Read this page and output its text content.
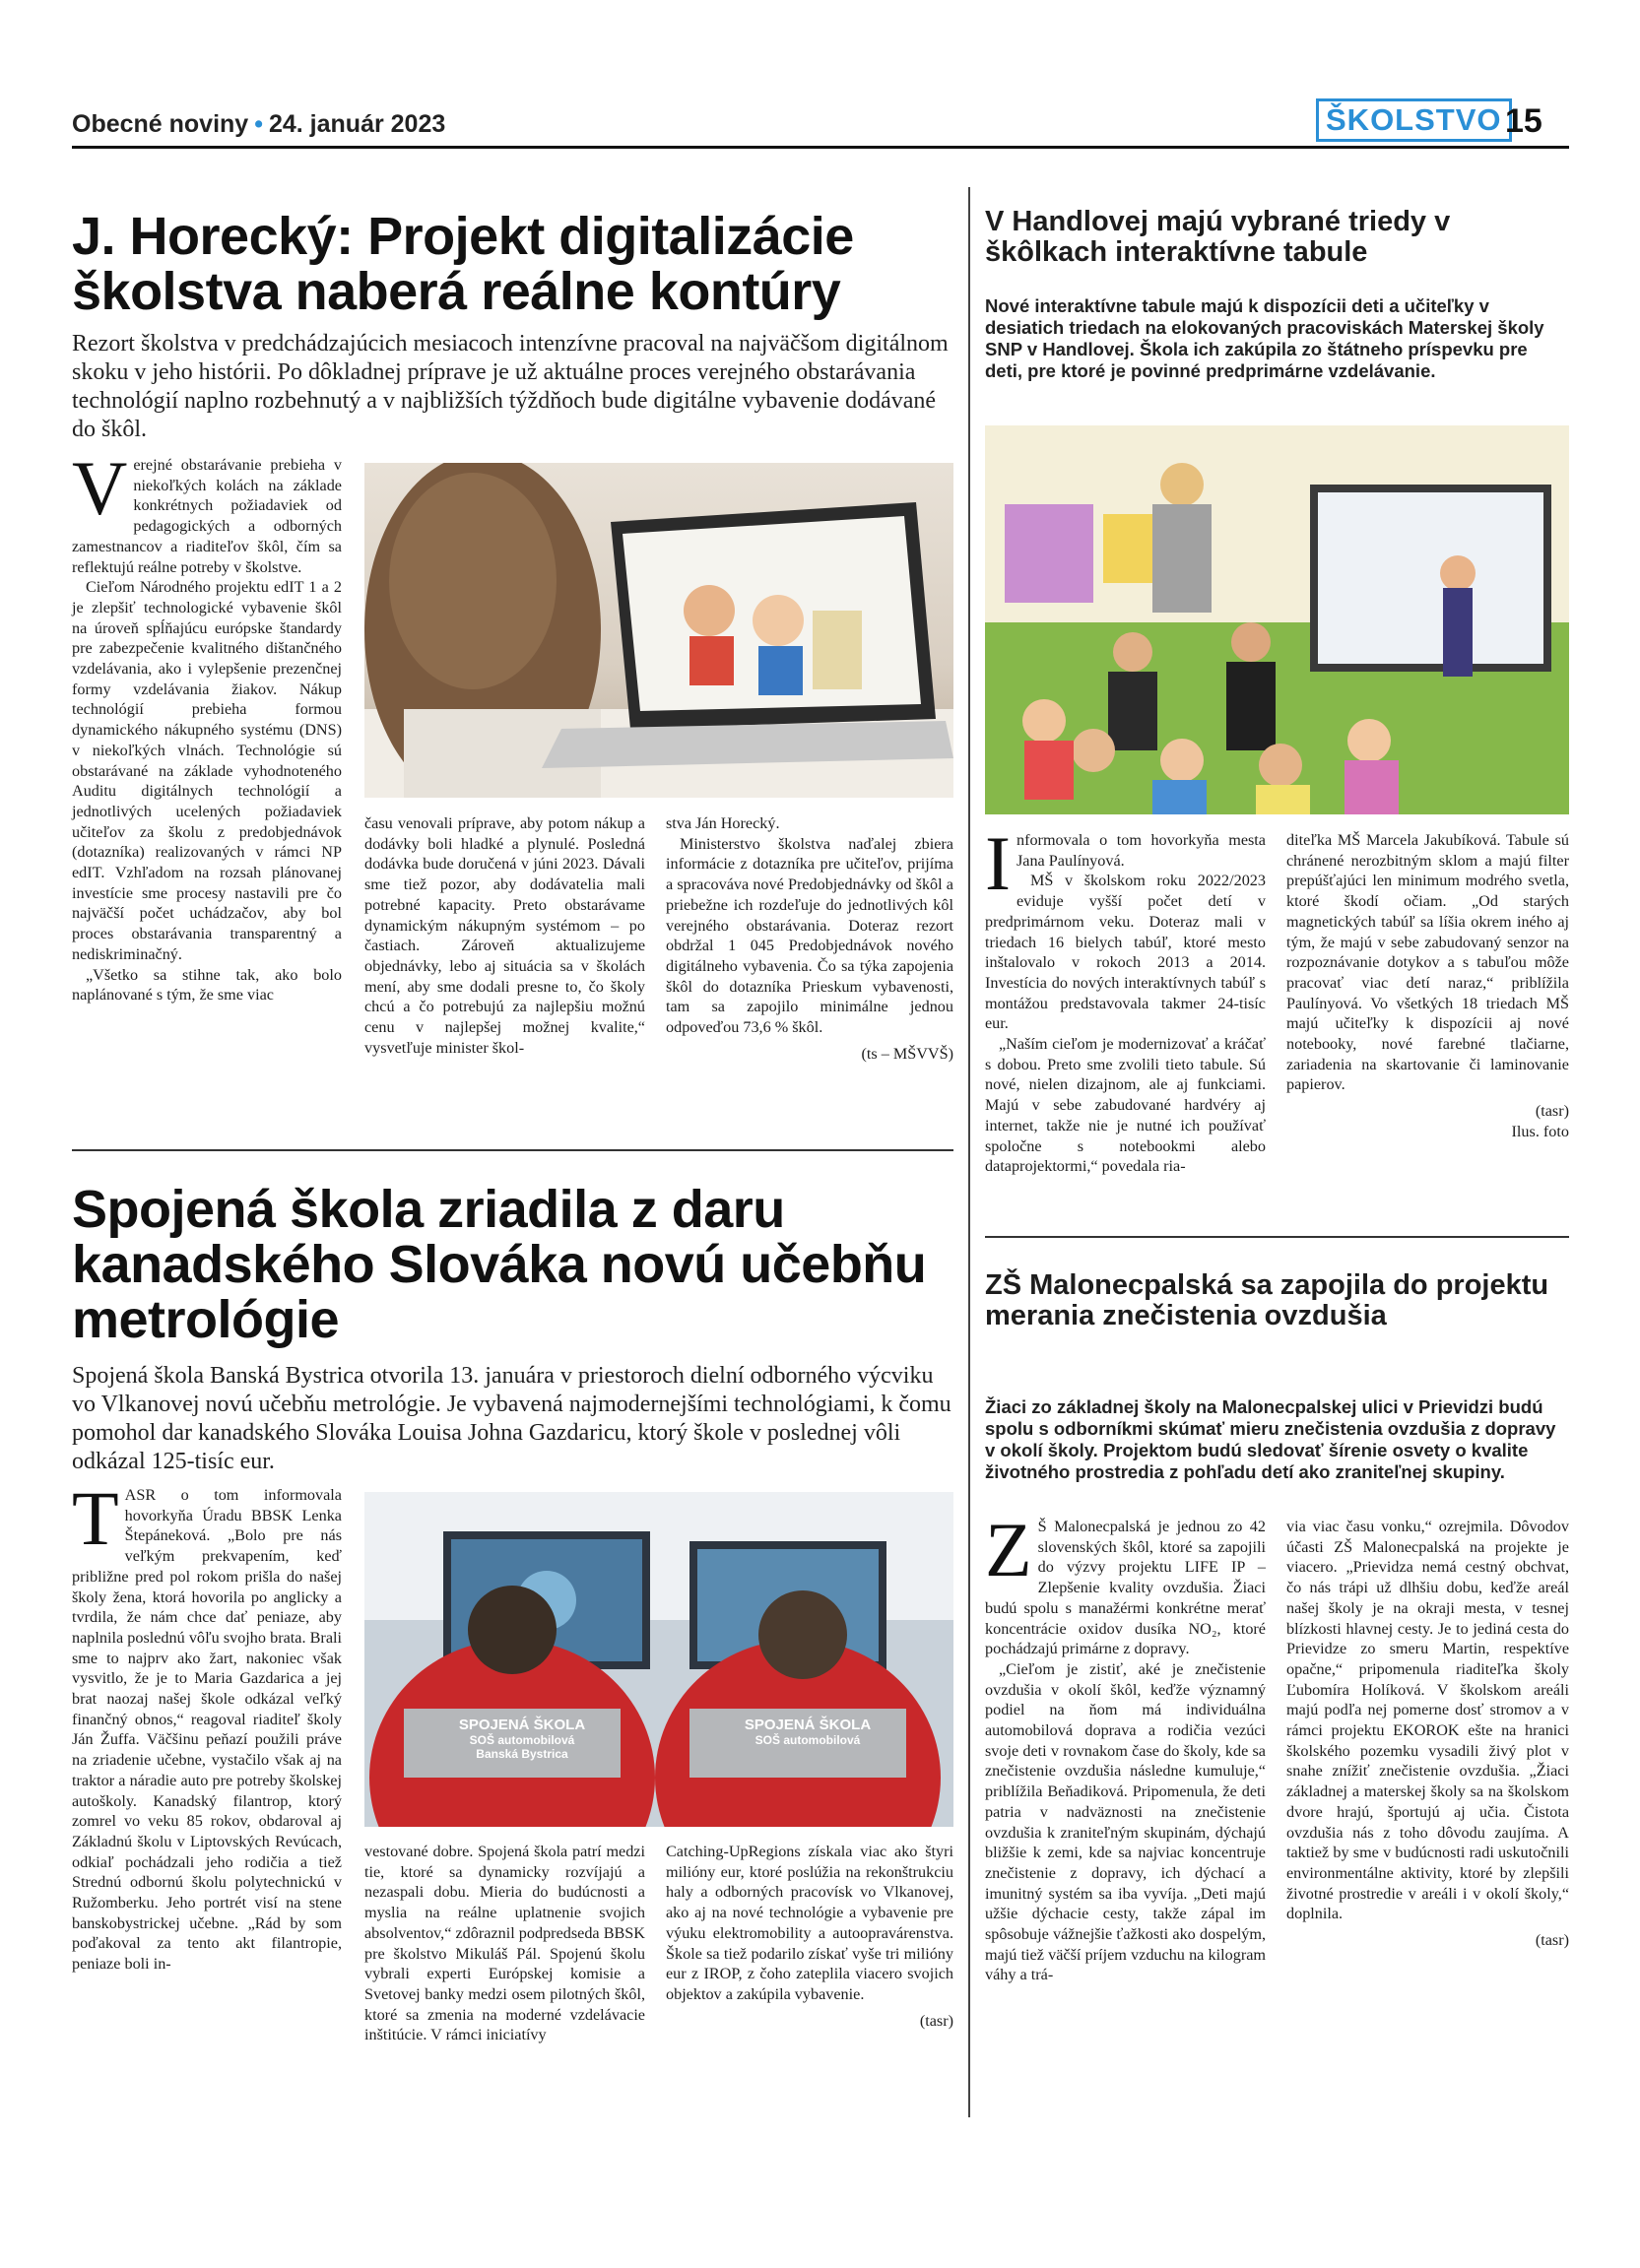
Obecné noviny • 24. január 2023	ŠKOLSTVO 15
J. Horecký: Projekt digitalizácie školstva naberá reálne kontúry
Rezort školstva v predchádzajúcich mesiacoch intenzívne pracoval na najväčšom digitálnom skoku v jeho histórii. Po dôkladnej príprave je už aktuálne proces verejného obstarávania technológií naplno rozbehnutý a v najbližších týždňoch bude digitálne vybavenie dodávané do škôl.

Verejné obstarávanie prebieha v niekoľkých kolách na základe konkrétnych požiadaviek od pedagogických a odborných zamestnancov a riaditeľov škôl, čím sa reflektujú reálne potreby v školstve.

Cieľom Národného projektu edIT 1 a 2 je zlepšiť technologické vybavenie škôl na úroveň spĺňajúcu európske štandardy pre zabezpečenie kvalitného dištančného vzdelávania, ako i vylepšenie prezenčnej formy vzdelávania žiakov. Nákup technológií prebieha formou dynamického nákupného systému (DNS) v niekoľkých vlnách. Technológie sú obstarávané na základe vyhodnoteného Auditu digitálnych technológií a jednotlivých ucelených požiadaviek učiteľov za školu z predobjednávok (dotazníka) realizovaných v rámci NP edIT. Vzhľadom na rozsah plánovanej investície sme procesy nastavili pre čo najväčší počet uchádzačov, aby bol proces obstarávania transparentný a nediskriminačný.

„Všetko sa stihne tak, ako bolo naplánované s tým, že sme viac

času venovali príprave, aby potom nákup a dodávky boli hladké a plynulé. Posledná dodávka bude doručená v júni 2023. Dávali sme tiež pozor, aby dodávatelia mali potrebné kapacity. Preto obstarávame dynamickým nákupným systémom – po častiach. Zároveň aktualizujeme objednávky, lebo aj situácia sa v školách mení, aby sme dodali presne to, čo školy chcú a čo potrebujú za najlepšiu možnú cenu v najlepšej možnej kvalite,“ vysvetľuje minister škol-

stva Ján Horecký.

Ministerstvo školstva naďalej zbiera informácie z dotazníka pre učiteľov, prijíma a spracováva nové Predobjednávky od škôl a priebežne ich rozdeľuje do jednotlivých kôl verejného obstarávania. Doteraz rezort obdržal 1 045 Predobjednávok nového digitálneho vybavenia. Čo sa týka zapojenia škôl do dotazníka Prieskum vybavenosti, tam sa zapojilo minimálne jednou odpoveďou 73,6 % škôl.

(ts – MŠVVŠ)
V Handlovej majú vybrané triedy v škôlkach interaktívne tabule
Nové interaktívne tabule majú k dispozícii deti a učiteľky v desiatich triedach na elokovaných pracoviskách Materskej školy SNP v Handlovej. Škola ich zakúpila zo štátneho príspevku pre deti, pre ktoré je povinné predprimárne vzdelávanie.

Informovala o tom hovorkyňa mesta Jana Paulínyová.

MŠ v školskom roku 2022/2023 eviduje vyšší počet detí v predprimárnom veku. Doteraz mali v triedach 16 bielych tabúľ, ktoré mesto inštalovalo v rokoch 2013 a 2014. Investícia do nových interaktívnych tabúľ s montážou predstavovala takmer 24-tisíc eur.

„Naším cieľom je modernizovať a kráčať s dobou. Preto sme zvolili tieto tabule. Sú nové, nielen dizajnom, ale aj funkciami. Majú v sebe zabudované hardvéry aj internet, takže nie je nutné ich používať spoločne s notebookmi alebo dataprojektormi,“ povedala ria-

diteľka MŠ Marcela Jakubíková. Tabule sú chránené nerozbitným sklom a majú filter prepúšťajúci len minimum modrého svetla, ktoré škodí očiam. „Od starých magnetických tabúľ sa líšia okrem iného aj tým, že majú v sebe zabudovaný senzor na rozpoznávanie dotykov a s tabuľou môže pracovať viac detí naraz,“ priblížila Paulínyová. Vo všetkých 18 triedach MŠ majú učiteľky k dispozícii aj nové notebooky, nové farebné tlačiarne, zariadenia na skartovanie či laminovanie papierov.

(tasr)
Ilus. foto
Spojená škola zriadila z daru kanadského Slováka novú učebňu metrológie
Spojená škola Banská Bystrica otvorila 13. januára v priestoroch dielní odborného výcviku vo Vlkanovej novú učebňu metrológie. Je vybavená najmodernejšími technológiami, k čomu pomohol dar kanadského Slováka Louisa Johna Gazdaricu, ktorý škole v poslednej vôli odkázal 125-tisíc eur.

TASR o tom informovala hovorkyňa Úradu BBSK Lenka Štepáneková. „Bolo pre nás veľkým prekvapením, keď približne pred pol rokom prišla do našej školy žena, ktorá hovorila po anglicky a tvrdila, že nám chce dať peniaze, aby naplnila poslednú vôľu svojho brata. Brali sme to najprv ako žart, nakoniec však vysvitlo, že je to Maria Gazdarica a jej brat naozaj našej škole odkázal veľký finančný obnos,“ reagoval riaditeľ školy Ján Žuffa. Väčšinu peňazí použili práve na zriadenie učebne, vystačilo však aj na traktor a náradie auto pre potreby školskej autoškoly. Kanadský filantrop, ktorý zomrel vo veku 85 rokov, obdaroval aj Základnú školu v Liptovských Revúcach, odkiaľ pochádzali jeho rodičia a tiež Strednú odbornú školu polytechnickú v Ružomberku. Jeho portrét visí na stene banskobystrickej učebne. „Rád by som poďakoval za tento akt filantropie, peniaze boli in-

SPOJENÁ ŠKOLA
SOŠ automobilová
Banská Bystrica
SPOJENÁ ŠKOLA
SOŠ automobilová

vestované dobre. Spojená škola patrí medzi tie, ktoré sa dynamicky rozvíjajú a nezaspali dobu. Mieria do budúcnosti a myslia na reálne uplatnenie svojich absolventov,“ zdôraznil podpredseda BBSK pre školstvo Mikuláš Pál. Spojenú školu vybrali experti Európskej komisie a Svetovej banky medzi osem pilotných škôl, ktoré sa zmenia na moderné vzdelávacie inštitúcie. V rámci iniciatívy

Catching-UpRegions získala viac ako štyri milióny eur, ktoré poslúžia na rekonštrukciu haly a odborných pracovísk vo Vlkanovej, ako aj na nové technológie a vybavenie pre výuku elektromobility a autoopravárenstva. Škole sa tiež podarilo získať vyše tri milióny eur z IROP, z čoho zateplila viacero svojich objektov a zakúpila vybavenie.

(tasr)
ZŠ Malonecpalská sa zapojila do projektu merania znečistenia ovzdušia
Žiaci zo základnej školy na Malonecpalskej ulici v Prievidzi budú spolu s odborníkmi skúmať mieru znečistenia ovzdušia z dopravy v okolí školy. Projektom budú sledovať šírenie osvety o kvalite životného prostredia z pohľadu detí ako zraniteľnej skupiny.

Z Š Malonecpalská je jednou zo 42 slovenských škôl, ktoré sa zapojili do výzvy projektu LIFE IP – Zlepšenie kvality ovzdušia. Žiaci budú spolu s manažérmi konkrétne merať koncentrácie oxidov dusíka NO₂, ktoré pochádzajú primárne z dopravy.

„Cieľom je zistiť, aké je znečistenie ovzdušia v okolí škôl, keďže významný podiel na ňom má individuálna automobilová doprava a rodičia vezúci svoje deti v rovnakom čase do školy, kde sa znečistenie ovzdušia následne kumuluje,“ priblížila Beňadiková. Pripomenula, že deti patria v nadväznosti na znečistenie ovzdušia k zraniteľným skupinám, dýchajú bližšie k zemi, kde sa najviac koncentruje znečistenie z dopravy, ich dýchací a imunitný systém sa iba vyvíja. „Deti majú užšie dýchacie cesty, takže zápal im spôsobuje vážnejšie ťažkosti ako dospelým, majú tiež väčší príjem vzduchu na kilogram váhy a trá-

via viac času vonku,“ ozrejmila. Dôvodov účasti ZŠ Malonecpalská na projekte je viacero. „Prievidza nemá cestný obchvat, čo nás trápi už dlhšiu dobu, keďže areál našej školy je na okraji mesta, v tesnej blízkosti hlavnej cesty. Je to jediná cesta do Prievidze zo smeru Martin, respektíve opačne,“ pripomenula riaditeľka školy Ľubomíra Holíková. V školskom areáli majú podľa nej pomerne dosť stromov a v rámci projektu EKOROK ešte na hranici školského pozemku vysadili živý plot v snahe znížiť znečistenie ovzdušia. „Žiaci základnej a materskej školy sa na školskom dvore hrajú, športujú aj učia. Čistota ovzdušia nás z toho dôvodu zaujíma. A taktiež by sme v budúcnosti radi uskutočnili environmentálne aktivity, ktoré by zlepšili životné prostredie v areáli i v okolí školy,“ doplnila.

(tasr)
